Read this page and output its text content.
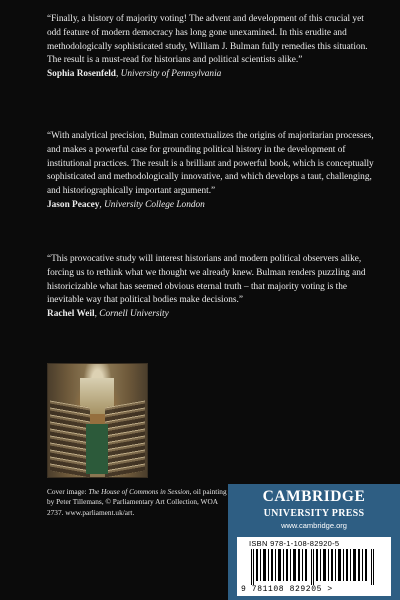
“Finally, a history of majority voting! The advent and development of this crucial yet odd feature of modern democracy has long gone unexamined. In this erudite and methodologically sophisticated study, William J. Bulman fully remedies this situation. The result is a must-read for historians and political scientists alike.”

Sophia Rosenfeld, University of Pennsylvania

“With analytical precision, Bulman contextualizes the origins of majoritarian processes, and makes a powerful case for grounding political history in the development of institutional practices. The result is a brilliant and powerful book, which is conceptually sophisticated and methodologically innovative, and which develops a taut, challenging, and historiographically important argument.”

Jason Peacey, University College London

“This provocative study will interest historians and modern political observers alike, forcing us to rethink what we thought we already knew. Bulman renders puzzling and historicizable what has seemed obvious eternal truth – that majority voting is the inevitable way that political bodies make decisions.”

Rachel Weil, Cornell University

Cover image: The House of Commons in Session, oil painting by Peter Tillemans, © Parliamentary Art Collection, WOA 2737. www.parliament.uk/art.
CAMBRIDGE
UNIVERSITY PRESS
www.cambridge.org
ISBN 978-1-108-82920-5
9 781108 829205 >
